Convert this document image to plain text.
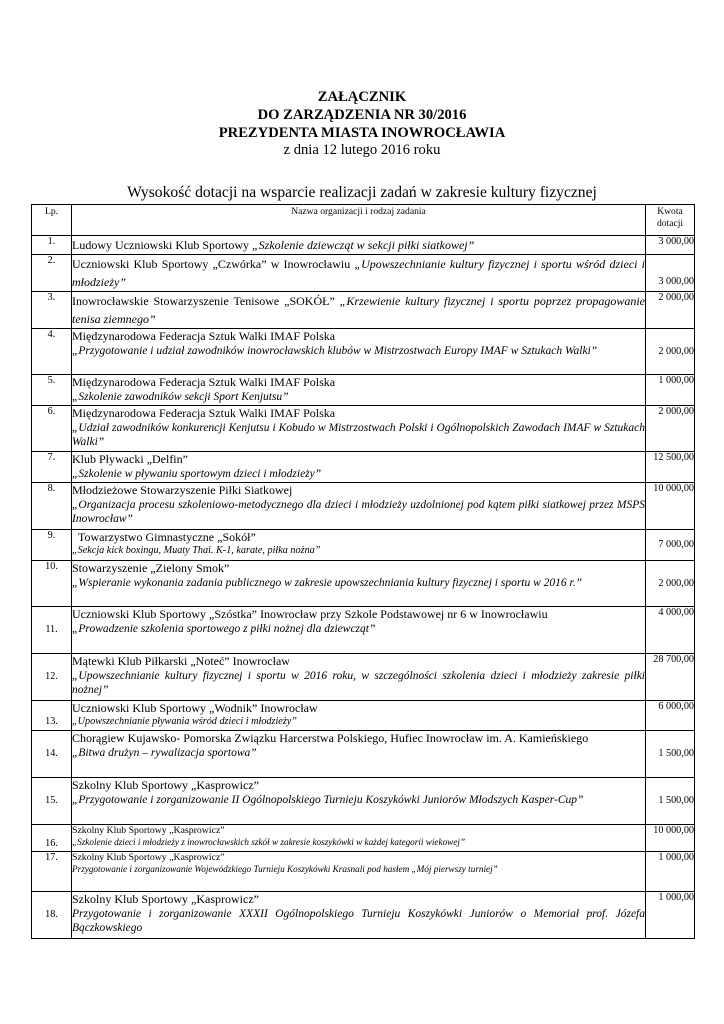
ZAŁĄCZNIK
DO ZARZĄDZENIA NR 30/2016
PREZYDENTA MIASTA INOWROCŁAWIA
z dnia 12 lutego 2016 roku
Wysokość dotacji na wsparcie realizacji zadań w zakresie kultury fizycznej
Lp.	Nazwa organizacji i rodzaj zadania	Kwota dotacji
1.	Ludowy Uczniowski Klub Sportowy „Szkolenie dziewcząt w sekcji piłki siatkowej”	3 000,00
2.	Uczniowski Klub Sportowy „Czwórka” w Inowrocławiu „Upowszechnianie kultury fizycznej i sportu wśród dzieci i młodzieży”	3 000,00
3.	Inowrocławskie Stowarzyszenie Tenisowe „SOKÓŁ” „Krzewienie kultury fizycznej i sportu poprzez propagowanie tenisa ziemnego”	2 000,00
4.	Międzynarodowa Federacja Sztuk Walki IMAF Polska
„Przygotowanie i udział zawodników inowrocławskich klubów w Mistrzostwach Europy IMAF w Sztukach Walki”	2 000,00
5.	Międzynarodowa Federacja Sztuk Walki IMAF Polska
„Szkolenie zawodników sekcji Sport Kenjutsu”	1 000,00
6.	Międzynarodowa Federacja Sztuk Walki IMAF Polska
„Udział zawodników konkurencji Kenjutsu i Kobudo w Mistrzostwach Polski i Ogólnopolskich Zawodach IMAF w Sztukach Walki”	2 000,00
7.	Klub Pływacki „Delfin”
„Szkolenie w pływaniu sportowym dzieci i młodzieży”	12 500,00
8.	Młodzieżowe Stowarzyszenie Piłki Siatkowej
„Organizacja procesu szkoleniowo-metodycznego dla dzieci i młodzieży uzdolnionej pod kątem piłki siatkowej przez MSPS Inowrocław”	10 000,00
9.	Towarzystwo Gimnastyczne „Sokół”
„Sekcja kick boxingu, Muaty Thai. K-1, karate, piłka nożna”	7 000,00
10.	Stowarzyszenie „Zielony Smok”
„Wspieranie wykonania zadania publicznego w zakresie upowszechniania kultury fizycznej i sportu w 2016 r.”	2 000,00
11.	Uczniowski Klub Sportowy „Szóstka” Inowrocław przy Szkole Podstawowej nr 6 w Inowrocławiu
„Prowadzenie szkolenia sportowego z piłki nożnej dla dziewcząt”	4 000,00
12.	Mątewki Klub Piłkarski „Noteć” Inowrocław
„Upowszechnianie kultury fizycznej i sportu w 2016 roku, w szczególności szkolenia dzieci i młodzieży zakresie piłki nożnej”	28 700,00
13.	Uczniowski Klub Sportowy „Wodnik” Inowrocław
„Upowszechnianie pływania wśród dzieci i młodzieży”	6 000,00
14.	Chorągiew Kujawsko- Pomorska Związku Harcerstwa Polskiego, Hufiec Inowrocław im. A. Kamieńskiego
„Bitwa drużyn – rywalizacja sportowa”	1 500,00
15.	Szkolny Klub Sportowy „Kasprowicz”
„Przygotowanie i zorganizowanie II Ogólnopolskiego Turnieju Koszykówki Juniorów Młodszych Kasper-Cup”	1 500,00
16.	Szkolny Klub Sportowy „Kasprowicz”
„Szkolenie dzieci i młodzieży z inowrocławskich szkół w zakresie koszykówki w każdej kategorii wiekowej”	10 000,00
17.	Szkolny Klub Sportowy „Kasprowicz”
Przygotowanie i zorganizowanie Wojewódzkiego Turnieju Koszykówki Krasnali pod hasłem „Mój pierwszy turniej”	1 000,00
18.	Szkolny Klub Sportowy „Kasprowicz”
Przygotowanie i zorganizowanie XXXII Ogólnopolskiego Turnieju Koszykówki Juniorów o Memoriał prof. Józefa Bączkowskiego	1 000,00
